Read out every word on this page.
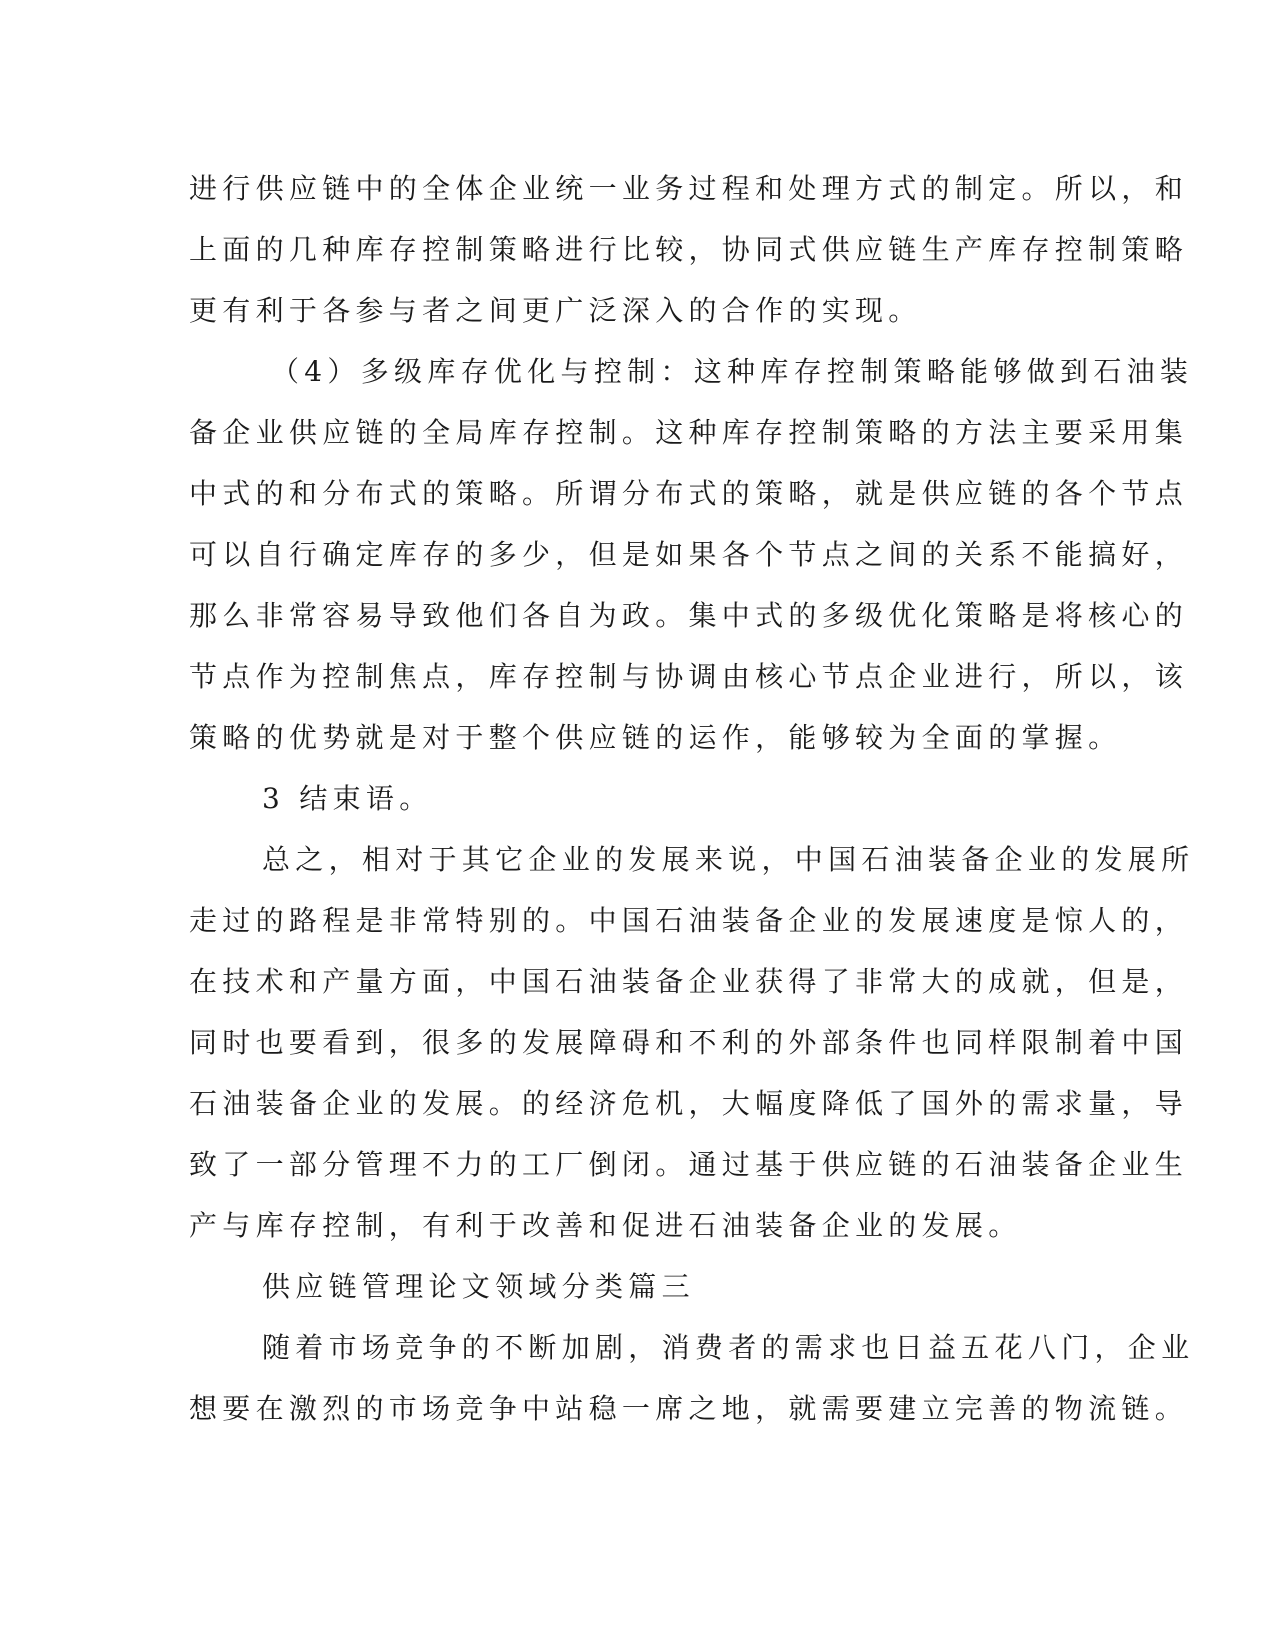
进行供应链中的全体企业统一业务过程和处理方式的制定。所以，和
上面的几种库存控制策略进行比较，协同式供应链生产库存控制策略
更有利于各参与者之间更广泛深入的合作的实现。
（4）多级库存优化与控制：这种库存控制策略能够做到石油装
备企业供应链的全局库存控制。这种库存控制策略的方法主要采用集
中式的和分布式的策略。所谓分布式的策略，就是供应链的各个节点
可以自行确定库存的多少，但是如果各个节点之间的关系不能搞好，
那么非常容易导致他们各自为政。集中式的多级优化策略是将核心的
节点作为控制焦点，库存控制与协调由核心节点企业进行，所以，该
策略的优势就是对于整个供应链的运作，能够较为全面的掌握。
3 结束语。
总之，相对于其它企业的发展来说，中国石油装备企业的发展所
走过的路程是非常特别的。中国石油装备企业的发展速度是惊人的，
在技术和产量方面，中国石油装备企业获得了非常大的成就，但是，
同时也要看到，很多的发展障碍和不利的外部条件也同样限制着中国
石油装备企业的发展。的经济危机，大幅度降低了国外的需求量，导
致了一部分管理不力的工厂倒闭。通过基于供应链的石油装备企业生
产与库存控制，有利于改善和促进石油装备企业的发展。
供应链管理论文领域分类篇三
随着市场竞争的不断加剧，消费者的需求也日益五花八门，企业
想要在激烈的市场竞争中站稳一席之地，就需要建立完善的物流链。
